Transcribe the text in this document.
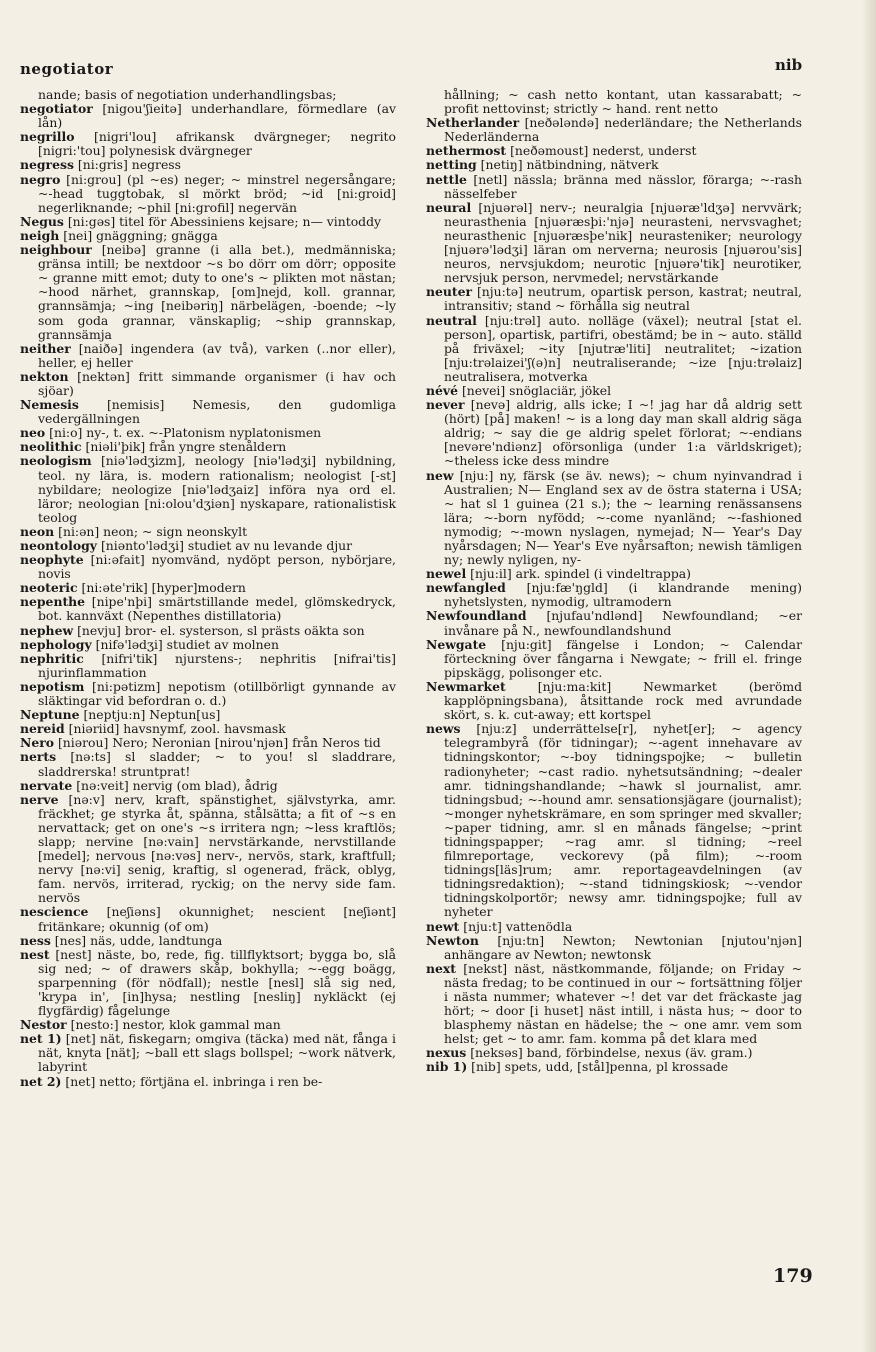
negotiator	nib

nande; basis of negotiation underhandlingsbas;

negotiator [nigou'ʃieitə] underhandlare, förmedlare (av lån)

negrillo [nigri'lou] afrikansk dvärgneger; negrito [nigri:'tou] polynesisk dvärgneger

negress [ni:gris] negress

negro [ni:grou] (pl ~es) neger; ~ minstrel negersångare; ~-head tuggtobak, sl mörkt bröd; ~id [ni:groid] negerliknande; ~phil [ni:grofil] negervän

Negus [ni:gəs] titel för Abessiniens kejsare; n— vintoddy

neigh [nei] gnäggning; gnägga

neighbour [neibə] granne (i alla bet.), medmänniska; gränsa intill; be nextdoor ~s bo dörr om dörr; opposite ~ granne mitt emot; duty to one's ~ plikten mot nästan; ~hood närhet, grannskap, [om]nejd, koll. grannar, grannsämja; ~ing [neibəriŋ] närbelägen, -boende; ~ly som goda grannar, vänskaplig; ~ship grannskap, grannsämja

neither [naiðə] ingendera (av två), varken (..nor eller), heller, ej heller

nekton [nektən] fritt simmande organismer (i hav och sjöar)

Nemesis [nemisis] Nemesis, den gudomliga vedergällningen

neo [ni:o] ny-, t. ex. ~-Platonism nyplatonismen

neolithic [niəli'þik] från yngre stenåldern

neologism [niə'lədʒizm], neology [niə'lədʒi] nybildning, teol. ny lära, is. modern rationalism; neologist [-st] nybildare; neologize [niə'lədʒaiz] införa nya ord el. läror; neologian [ni:olou'dʒiən] nyskapare, rationalistisk teolog

neon [ni:ən] neon; ~ sign neonskylt

neontology [niənto'lədʒi] studiet av nu levande djur

neophyte [ni:əfait] nyomvänd, nydöpt person, nybörjare, novis

neoteric [ni:əte'rik] [hyper]modern

nepenthe [nipe'nþi] smärtstillande medel, glömskedryck, bot. kannväxt (Nepenthes distillatoria)

nephew [nevju] bror- el. systerson, sl prästs oäkta son

nephology [nifə'lədʒi] studiet av molnen

nephritic [nifri'tik] njurstens-; nephritis [nifrai'tis] njurinflammation

nepotism [ni:pətizm] nepotism (otillbörligt gynnande av släktingar vid befordran o. d.)

Neptune [neptju:n] Neptun[us]

nereid [niəriid] havsnymf, zool. havsmask

Nero [niərou] Nero; Neronian [nirou'njən] från Neros tid

nerts [nə:ts] sl sladder; ~ to you! sl sladdrare, sladdrerska! struntprat!

nervate [nə:veit] nervig (om blad), ådrig

nerve [nə:v] nerv, kraft, spänstighet, självstyrka, amr. fräckhet; ge styrka åt, spänna, stålsätta; a fit of ~s en nervattack; get on one's ~s irritera ngn; ~less kraftlös; slapp; nervine [nə:vain] nervstärkande, nervstillande [medel]; nervous [nə:vəs] nerv-, nervös, stark, kraftfull; nervy [nə:vi] senig, kraftig, sl ogenerad, fräck, oblyg, fam. nervös, irriterad, ryckig; on the nervy side fam. nervös

nescience [neʃiəns] okunnighet; nescient [neʃiənt] fritänkare; okunnig (of om)

ness [nes] näs, udde, landtunga

nest [nest] näste, bo, rede, fig. tillflyktsort; bygga bo, slå sig ned; ~ of drawers skåp, bokhylla; ~-egg boägg, sparpenning (för nödfall); nestle [nesl] slå sig ned, 'krypa in', [in]hysa; nestling [nesliŋ] nykläckt (ej flygfärdig) fågelunge

Nestor [nesto:] nestor, klok gammal man

net 1) [net] nät, fiskegarn; omgiva (täcka) med nät, fånga i nät, knyta [nät]; ~ball ett slags bollspel; ~work nätverk, labyrint

net 2) [net] netto; förtjäna el. inbringa i ren be-

hållning; ~ cash netto kontant, utan kassarabatt; ~ profit nettovinst; strictly ~ hand. rent netto

Netherlander [neðələndə] nederländare; the Netherlands Nederländerna

nethermost [neðəmoust] nederst, underst

netting [netiŋ] nätbindning, nätverk

nettle [netl] nässla; bränna med nässlor, förarga; ~-rash nässelfeber

neural [njuərəl] nerv-; neuralgia [njuəræ'ldʒə] nervvärk; neurasthenia [njuəræsþi:'njə] neurasteni, nervsvaghet; neurasthenic [njuəræsþe'nik] neurasteniker; neurology [njuərə'lədʒi] läran om nerverna; neurosis [njuərou'sis] neuros, nervsjukdom; neurotic [njuərə'tik] neurotiker, nervsjuk person, nervmedel; nervstärkande

neuter [nju:tə] neutrum, opartisk person, kastrat; neutral, intransitiv; stand ~ förhålla sig neutral

neutral [nju:trəl] auto. nolläge (växel); neutral [stat el. person], opartisk, partifri, obestämd; be in ~ auto. ställd på friväxel; ~ity [njutræ'liti] neutralitet; ~ization [nju:trəlaizei'ʃ(ə)n] neutraliserande; ~ize [nju:trəlaiz] neutralisera, motverka

névé [nevei] snöglaciär, jökel

never [nevə] aldrig, alls icke; I ~! jag har då aldrig sett (hört) [på] maken! ~ is a long day man skall aldrig säga aldrig; ~ say die ge aldrig spelet förlorat; ~-endians [nevəre'ndiənz] oförsonliga (under 1:a världskriget); ~theless icke dess mindre

new [nju:] ny, färsk (se äv. news); ~ chum nyinvandrad i Australien; N— England sex av de östra staterna i USA; ~ hat sl 1 guinea (21 s.); the ~ learning renässansens lära; ~-born nyfödd; ~-come nyanländ; ~-fashioned nymodig; ~-mown nyslagen, nymejad; N— Year's Day nyårsdagen; N— Year's Eve nyårsafton; newish tämligen ny; newly nyligen, ny-

newel [nju:il] ark. spindel (i vindeltrappa)

newfangled [nju:fæ'ŋgld] (i klandrande mening) nyhetslysten, nymodig, ultramodern

Newfoundland [njufau'ndlənd] Newfoundland; ~er invånare på N., newfoundlandshund

Newgate [nju:git] fängelse i London; ~ Calendar förteckning över fångarna i Newgate; ~ frill el. fringe pipskägg, polisonger etc.

Newmarket	[nju:ma:kit] Newmarket (berömd kapplöpningsbana), åtsittande rock med avrundade skört, s. k. cut-away; ett kortspel

news [nju:z] underrättelse[r], nyhet[er]; ~ agency telegrambyrå (för tidningar); ~-agent innehavare av tidningskontor; ~-boy tidningspojke; ~ bulletin radionyheter; ~cast radio. nyhetsutsändning; ~dealer amr. tidningshandlande; ~hawk sl journalist, amr. tidningsbud; ~-hound amr. sensationsjägare (journalist); ~monger nyhetskrämare, en som springer med skvaller; ~paper tidning, amr. sl en månads fängelse; ~print tidningspapper; ~rag amr. sl tidning; ~reel filmreportage, veckorevy (på film); ~-room tidnings[läs]rum; amr. reportageavdelningen (av tidningsredaktion); ~-stand tidningskiosk; ~-vendor tidningskolportör; newsy amr. tidningspojke; full av nyheter

newt [nju:t] vattenödla

Newton [nju:tn] Newton; Newtonian [njutou'njən] anhängare av Newton; newtonsk

next [nekst] näst, nästkommande, följande; on Friday ~ nästa fredag; to be continued in our ~ fortsättning följer i nästa nummer; whatever ~! det var det fräckaste jag hört; ~ door [i huset] näst intill, i nästa hus; ~ door to blasphemy nästan en hädelse; the ~ one amr. vem som helst; get ~ to amr. fam. komma på det klara med

nexus [neksəs] band, förbindelse, nexus (äv. gram.)

nib 1) [nib] spets, udd, [stål]penna, pl krossade

179
